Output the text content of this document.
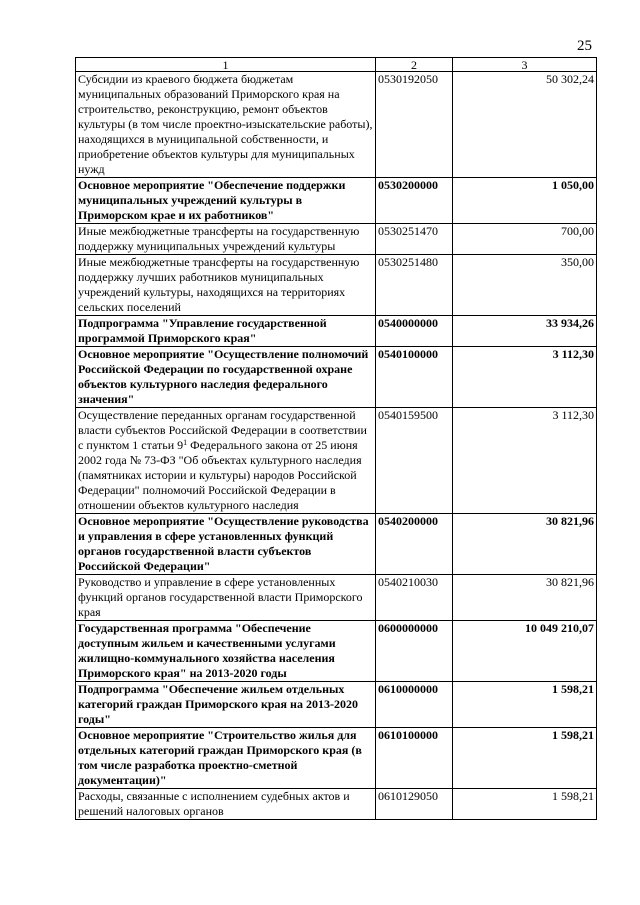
25
1	2	3
Субсидии из краевого бюджета бюджетам муниципальных образований Приморского края на строительство, реконструкцию, ремонт объектов культуры (в том числе проектно-изыскательские работы), находящихся в муниципальной собственности, и приобретение объектов культуры для муниципальных нужд	0530192050	50 302,24
Основное мероприятие "Обеспечение поддержки муниципальных учреждений культуры в Приморском крае и их работников"	0530200000	1 050,00
Иные межбюджетные трансферты на государственную поддержку муниципальных учреждений культуры	0530251470	700,00
Иные межбюджетные трансферты на государственную поддержку лучших работников муниципальных учреждений культуры, находящихся на территориях сельских поселений	0530251480	350,00
Подпрограмма "Управление государственной программой Приморского края"	0540000000	33 934,26
Основное мероприятие "Осуществление полномочий Российской Федерации по государственной охране объектов культурного наследия федерального значения"	0540100000	3 112,30
Осуществление переданных органам государственной власти субъектов Российской Федерации в соответствии с пунктом 1 статьи $9^1$ Федерального закона от 25 июня 2002 года № 73-ФЗ "Об объектах культурного наследия (памятниках истории и культуры) народов Российской Федерации" полномочий Российской Федерации в отношении объектов культурного наследия	0540159500	3 112,30
Основное мероприятие "Осуществление руководства и управления в сфере установленных функций органов государственной власти субъектов Российской Федерации"	0540200000	30 821,96
Руководство и управление в сфере установленных функций органов государственной власти Приморского края	0540210030	30 821,96
Государственная программа "Обеспечение доступным жильем и качественными услугами жилищно-коммунального хозяйства населения Приморского края" на 2013-2020 годы	0600000000	10 049 210,07
Подпрограмма "Обеспечение жильем отдельных категорий граждан Приморского края на 2013-2020 годы"	0610000000	1 598,21
Основное мероприятие "Строительство жилья для отдельных категорий граждан Приморского края (в том числе разработка проектно-сметной документации)"	0610100000	1 598,21
Расходы, связанные с исполнением судебных актов и решений налоговых органов	0610129050	1 598,21
